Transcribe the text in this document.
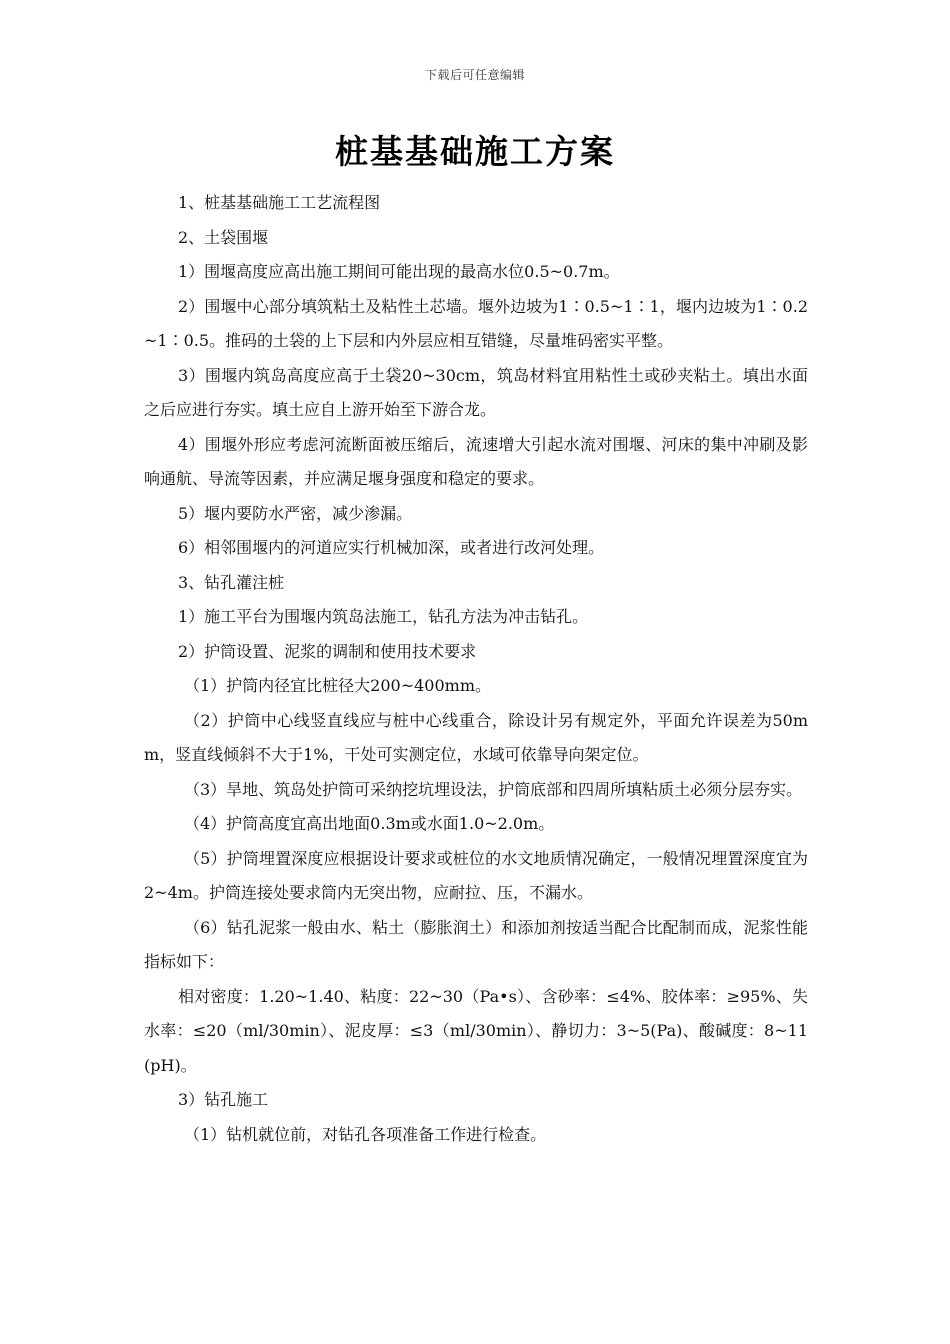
下载后可任意编辑
桩基基础施工方案

1、桩基基础施工工艺流程图

2、土袋围堰

1）围堰高度应高出施工期间可能出现的最高水位0.5~0.7m。

2）围堰中心部分填筑粘土及粘性土芯墙。堰外边坡为1∶0.5~1∶1，堰内边坡为1∶0.2~1∶0.5。推码的土袋的上下层和内外层应相互错缝，尽量堆码密实平整。

3）围堰内筑岛高度应高于土袋20~30cm，筑岛材料宜用粘性土或砂夹粘土。填出水面之后应进行夯实。填土应自上游开始至下游合龙。

4）围堰外形应考虑河流断面被压缩后，流速增大引起水流对围堰、河床的集中冲刷及影响通航、导流等因素，并应满足堰身强度和稳定的要求。

5）堰内要防水严密，减少渗漏。

6）相邻围堰内的河道应实行机械加深，或者进行改河处理。

3、钻孔灌注桩

1）施工平台为围堰内筑岛法施工，钻孔方法为冲击钻孔。

2）护筒设置、泥浆的调制和使用技术要求

（1）护筒内径宜比桩径大200~400mm。

（2）护筒中心线竖直线应与桩中心线重合，除设计另有规定外，平面允许误差为50mm，竖直线倾斜不大于1%，干处可实测定位，水域可依靠导向架定位。

（3）旱地、筑岛处护筒可采纳挖坑埋设法，护筒底部和四周所填粘质土必须分层夯实。

（4）护筒高度宜高出地面0.3m或水面1.0~2.0m。

（5）护筒埋置深度应根据设计要求或桩位的水文地质情况确定，一般情况埋置深度宜为2~4m。护筒连接处要求筒内无突出物，应耐拉、压，不漏水。

（6）钻孔泥浆一般由水、粘土（膨胀润土）和添加剂按适当配合比配制而成，泥浆性能指标如下：

相对密度：1.20~1.40、粘度：22~30（Pa•s）、含砂率：≤4%、胶体率：≥95%、失水率：≤20（ml/30min）、泥皮厚：≤3（ml/30min）、静切力：3~5(Pa)、酸碱度：8~11(pH)。

3）钻孔施工

（1）钻机就位前，对钻孔各项准备工作进行检查。
